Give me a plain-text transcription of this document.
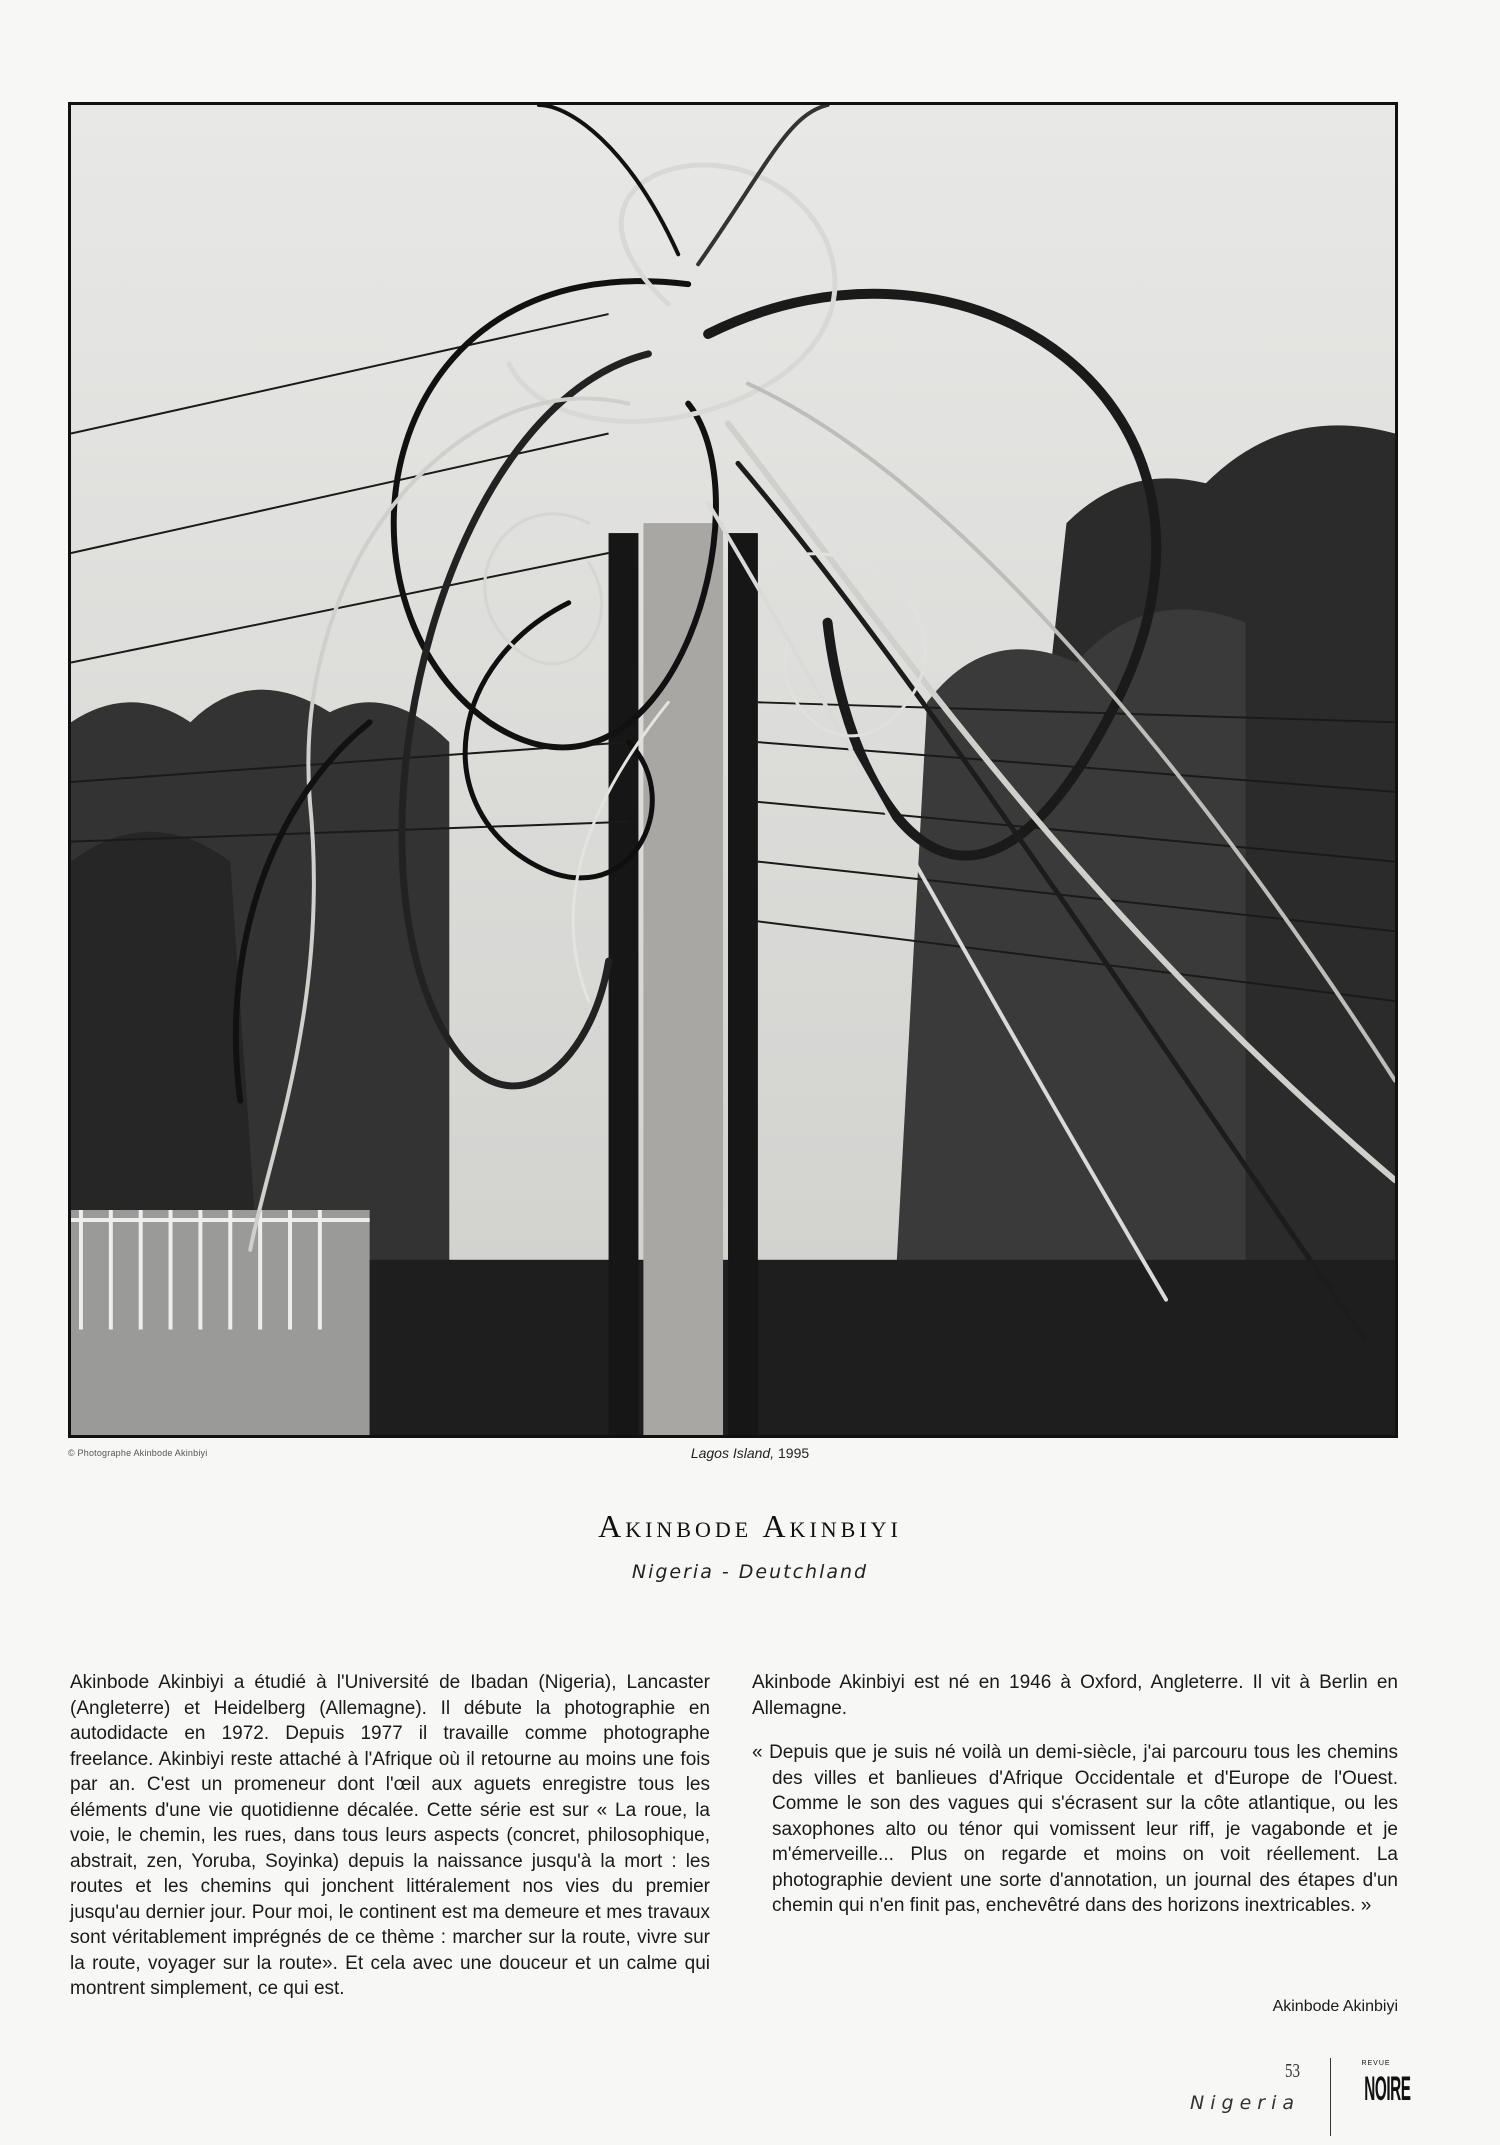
© Photographe Akinbode Akinbiyi	Lagos Island, 1995
Akinbode Akinbiyi
Nigeria - Deutchland

Akinbode Akinbiyi a étudié à l'Université de Ibadan (Nigeria), Lancaster (Angleterre) et Heidelberg (Allemagne). Il débute la photographie en autodidacte en 1972. Depuis 1977 il travaille comme photographe freelance. Akinbiyi reste attaché à l'Afrique où il retourne au moins une fois par an. C'est un promeneur dont l'œil aux aguets enregistre tous les éléments d'une vie quotidienne décalée. Cette série est sur « La roue, la voie, le chemin, les rues, dans tous leurs aspects (concret, philosophique, abstrait, zen, Yoruba, Soyinka) depuis la naissance jusqu'à la mort : les routes et les chemins qui jonchent littéralement nos vies du premier jusqu'au dernier jour. Pour moi, le continent est ma demeure et mes travaux sont véritablement imprégnés de ce thème : marcher sur la route, vivre sur la route, voyager sur la route». Et cela avec une douceur et un calme qui montrent simplement, ce qui est.

Akinbode Akinbiyi est né en 1946 à Oxford, Angleterre. Il vit à Berlin en Allemagne.

« Depuis que je suis né voilà un demi-siècle, j'ai parcouru tous les chemins des villes et banlieues d'Afrique Occidentale et d'Europe de l'Ouest. Comme le son des vagues qui s'écrasent sur la côte atlantique, ou les saxophones alto ou ténor qui vomissent leur riff, je vagabonde et je m'émerveille... Plus on regarde et moins on voit réellement. La photographie devient une sorte d'annotation, un journal des étapes d'un chemin qui n'en finit pas, enchevêtré dans des horizons inextricables. »

Akinbode Akinbiyi
53
Nigeria
REVUE
NOIRE
